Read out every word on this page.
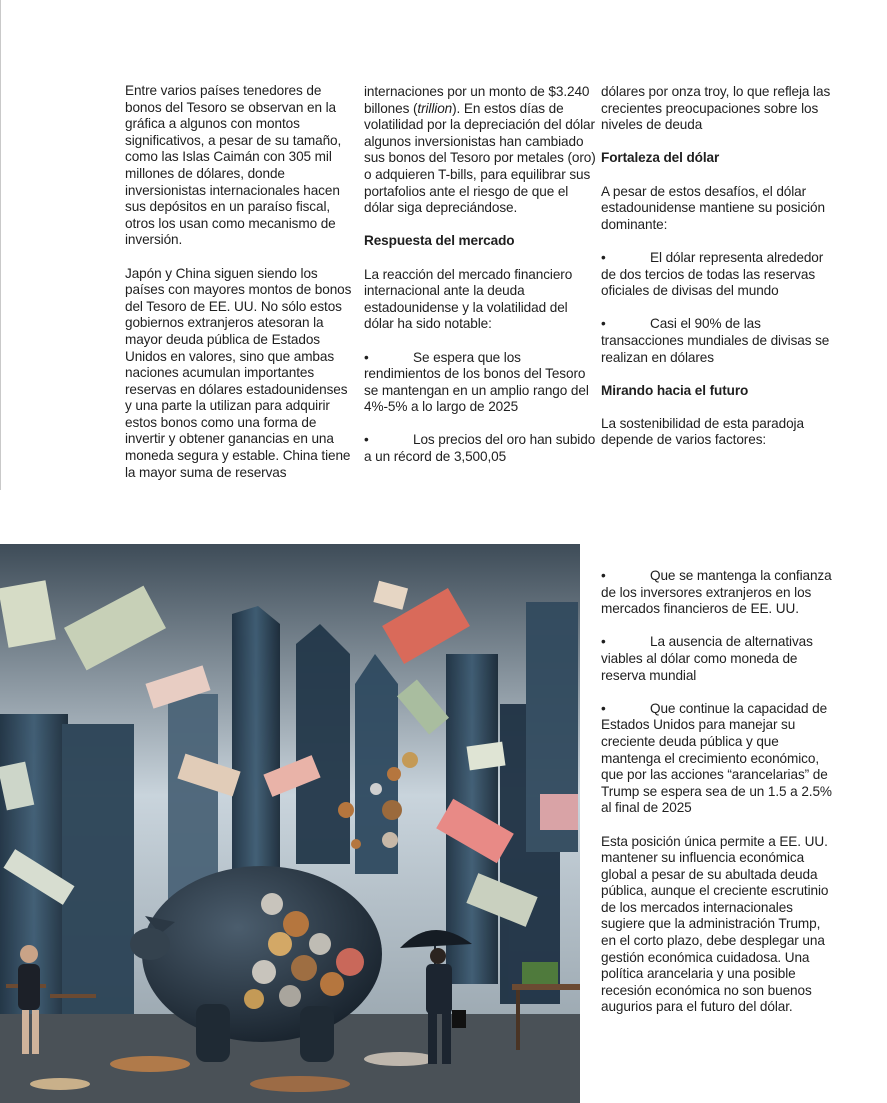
Entre varios países tenedores de bonos del Tesoro se observan en la gráfica a algunos con montos significativos, a pesar de su tamaño, como las Islas Caimán con 305 mil millones de dólares, donde inversionistas internacionales hacen sus depósitos en un paraíso fiscal, otros los usan como mecanismo de inversión.

Japón y China siguen siendo los países con mayores montos de bonos del Tesoro de EE. UU. No sólo estos gobiernos extranjeros atesoran la mayor deuda pública de Estados Unidos en valores, sino que ambas naciones acumulan importantes reservas en dólares estadounidenses y una parte la utilizan para adquirir estos bonos como una forma de invertir y obtener ganancias en una moneda segura y estable. China tiene la mayor suma de reservas

internaciones por un monto de $3.240 billones (trillion). En estos días de volatilidad por la depreciación del dólar algunos inversionistas han cambiado sus bonos del Tesoro por metales (oro) o adquieren T-bills, para equilibrar sus portafolios ante el riesgo de que el dólar siga depreciándose.

Respuesta del mercado

La reacción del mercado financiero internacional ante la deuda estadounidense y la volatilidad del dólar ha sido notable:

•	Se espera que los rendimientos de los bonos del Tesoro se mantengan en un amplio rango del 4%-5% a lo largo de 2025

•	Los precios del oro han subido a un récord de 3,500,05

dólares por onza troy, lo que refleja las crecientes preocupaciones sobre los niveles de deuda

Fortaleza del dólar

A pesar de estos desafíos, el dólar estadounidense mantiene su posición dominante:

•	El dólar representa alrededor de dos tercios de todas las reservas oficiales de divisas del mundo

•	Casi el 90% de las transacciones mundiales de divisas se realizan en dólares

Mirando hacia el futuro

La sostenibilidad de esta paradoja depende de varios factores:

•	Que se mantenga la confianza de los inversores extranjeros en los mercados financieros de EE. UU.

•	La ausencia de alternativas viables al dólar como moneda de reserva mundial

•	Que continue la capacidad de Estados Unidos para manejar su creciente deuda pública y que mantenga el crecimiento económico, que por las acciones “arancelarias” de Trump se espera sea de un 1.5 a 2.5% al final de 2025

Esta posición única permite a EE. UU. mantener su influencia económica global a pesar de su abultada deuda pública, aunque el creciente escrutinio de los mercados internacionales sugiere que la administración Trump, en el corto plazo, debe desplegar una gestión económica cuidadosa. Una política arancelaria y una posible recesión económica no son buenos augurios para el futuro del dólar.
